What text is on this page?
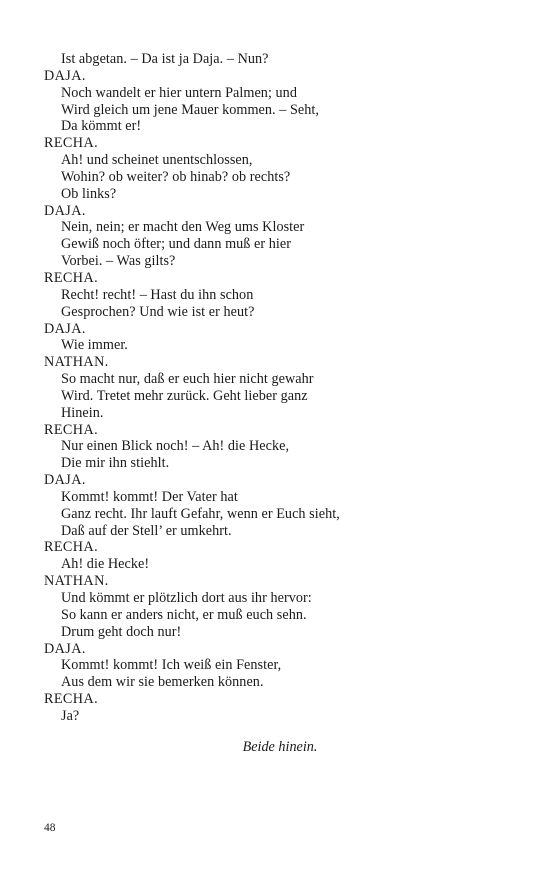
Ist abgetan. – Da ist ja Daja. – Nun?
DAJA.
Noch wandelt er hier untern Palmen; und
Wird gleich um jene Mauer kommen. – Seht,
Da kömmt er!
RECHA.
Ah! und scheinet unentschlossen,
Wohin? ob weiter? ob hinab? ob rechts?
Ob links?
DAJA.
Nein, nein; er macht den Weg ums Kloster
Gewiß noch öfter; und dann muß er hier
Vorbei. – Was gilts?
RECHA.
Recht! recht! – Hast du ihn schon
Gesprochen? Und wie ist er heut?
DAJA.
Wie immer.
NATHAN.
So macht nur, daß er euch hier nicht gewahr
Wird. Tretet mehr zurück. Geht lieber ganz
Hinein.
RECHA.
Nur einen Blick noch! – Ah! die Hecke,
Die mir ihn stiehlt.
DAJA.
Kommt! kommt! Der Vater hat
Ganz recht. Ihr lauft Gefahr, wenn er Euch sieht,
Daß auf der Stell’ er umkehrt.
RECHA.
Ah! die Hecke!
NATHAN.
Und kömmt er plötzlich dort aus ihr hervor:
So kann er anders nicht, er muß euch sehn.
Drum geht doch nur!
DAJA.
Kommt! kommt! Ich weiß ein Fenster,
Aus dem wir sie bemerken können.
RECHA.
Ja?
Beide hinein.
48
